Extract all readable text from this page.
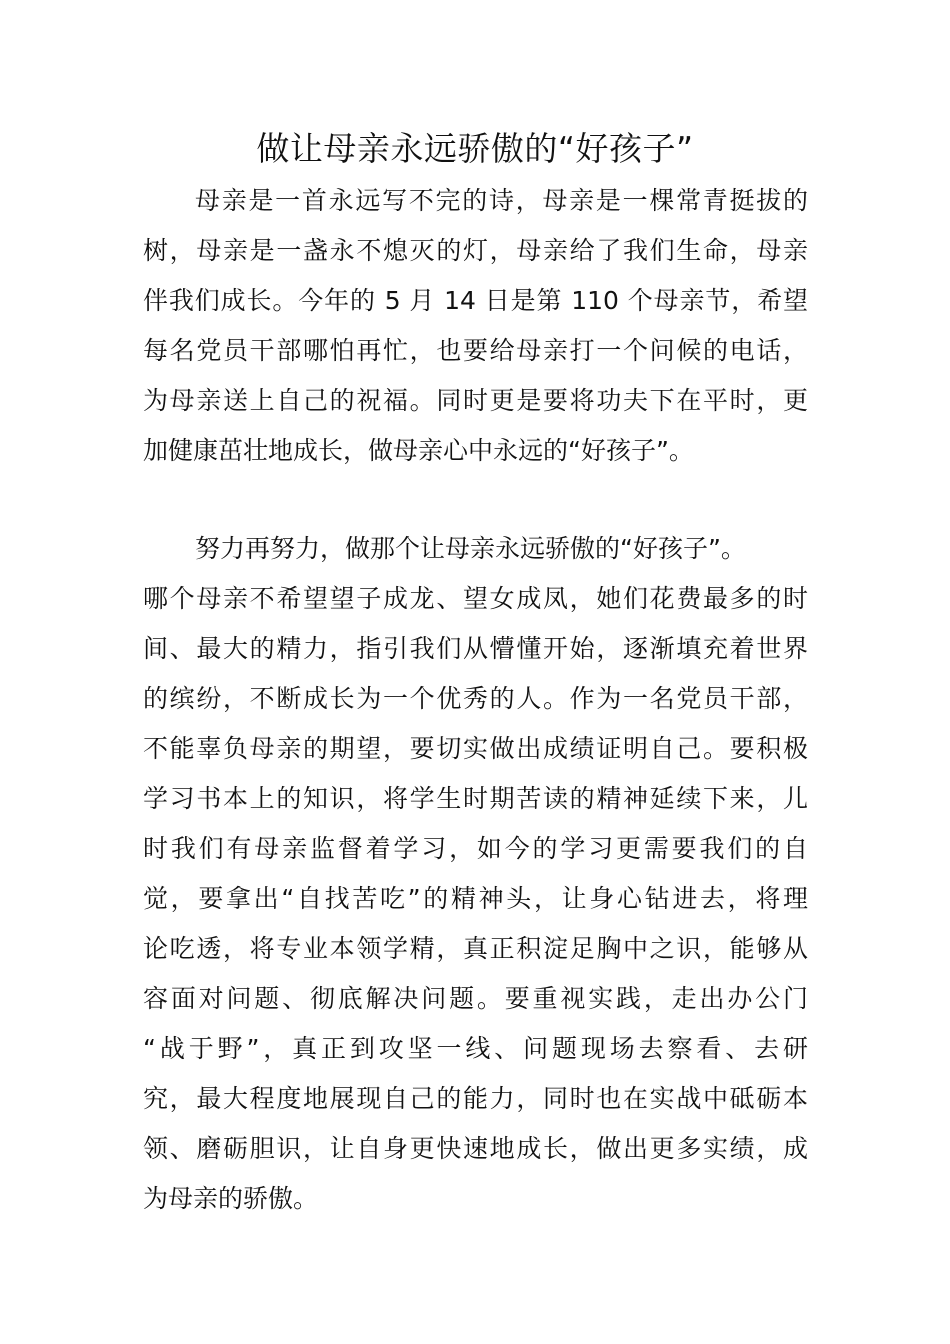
做让母亲永远骄傲的“好孩子”
母亲是一首永远写不完的诗，母亲是一棵常青挺拔的
树，母亲是一盏永不熄灭的灯，母亲给了我们生命，母亲
伴我们成长。今年的 5 月 14 日是第 110 个母亲节，希望
每名党员干部哪怕再忙，也要给母亲打一个问候的电话，
为母亲送上自己的祝福。同时更是要将功夫下在平时，更
加健康茁壮地成长，做母亲心中永远的“好孩子”。
努力再努力，做那个让母亲永远骄傲的“好孩子”。
哪个母亲不希望望子成龙、望女成凤，她们花费最多的时
间、最大的精力，指引我们从懵懂开始，逐渐填充着世界
的缤纷，不断成长为一个优秀的人。作为一名党员干部，
不能辜负母亲的期望，要切实做出成绩证明自己。要积极
学习书本上的知识，将学生时期苦读的精神延续下来，儿
时我们有母亲监督着学习，如今的学习更需要我们的自
觉，要拿出“自找苦吃”的精神头，让身心钻进去，将理
论吃透，将专业本领学精，真正积淀足胸中之识，能够从
容面对问题、彻底解决问题。要重视实践，走出办公门
“战于野”，真正到攻坚一线、问题现场去察看、去研
究，最大程度地展现自己的能力，同时也在实战中砥砺本
领、磨砺胆识，让自身更快速地成长，做出更多实绩，成
为母亲的骄傲。
